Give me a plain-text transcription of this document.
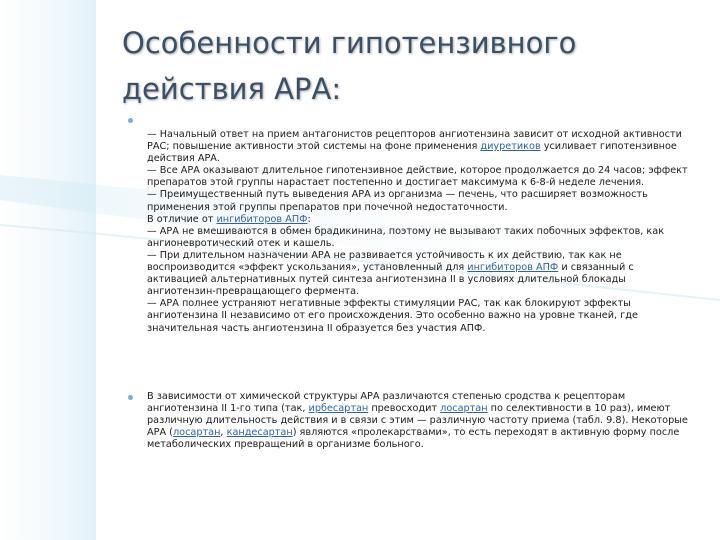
Особенности гипотензивного
действия АРА:

— Начальный ответ на прием антагонистов рецепторов ангиотензина зависит от исходной активности РАС; повышение активности этой системы на фоне применения диуретиков усиливает гипотензивное действия АРА.

— Все АРА оказывают длительное гипотензивное действие, которое продолжается до 24 часов; эффект препаратов этой группы нарастает постепенно и достигает максимума к 6-8-й неделе лечения.

— Преимущественный путь выведения АРА из организма — печень, что расширяет возможность применения этой группы препаратов при почечной недостаточности.

В отличие от ингибиторов АПФ:

— АРА не вмешиваются в обмен брадикинина, поэтому не вызывают таких побочных эффектов, как ангионевротический отек и кашель.

— При длительном назначении АРА не развивается устойчивость к их действию, так как не воспроизводится «эффект ускользания», установленный для ингибиторов АПФ и связанный с активацией альтернативных путей синтеза ангиотензина II в условиях длительной блокады ангиотензин-превращающего фермента.

— АРА полнее устраняют негативные эффекты стимуляции РАС, так как блокируют эффекты ангиотензина II независимо от его происхождения. Это особенно важно на уровне тканей, где значительная часть ангиотензина II образуется без участия АПФ.

В зависимости от химической структуры АРА различаются степенью сродства к рецепторам ангиотензина II 1-го типа (так, ирбесартан превосходит лосартан по селективности в 10 раз), имеют различную длительность действия и в связи с этим — различную частоту приема (табл. 9.8). Некоторые АРА (лосартан, кандесартан) являются «пролекарствами», то есть переходят в активную форму после метаболических превращений в организме больного.
